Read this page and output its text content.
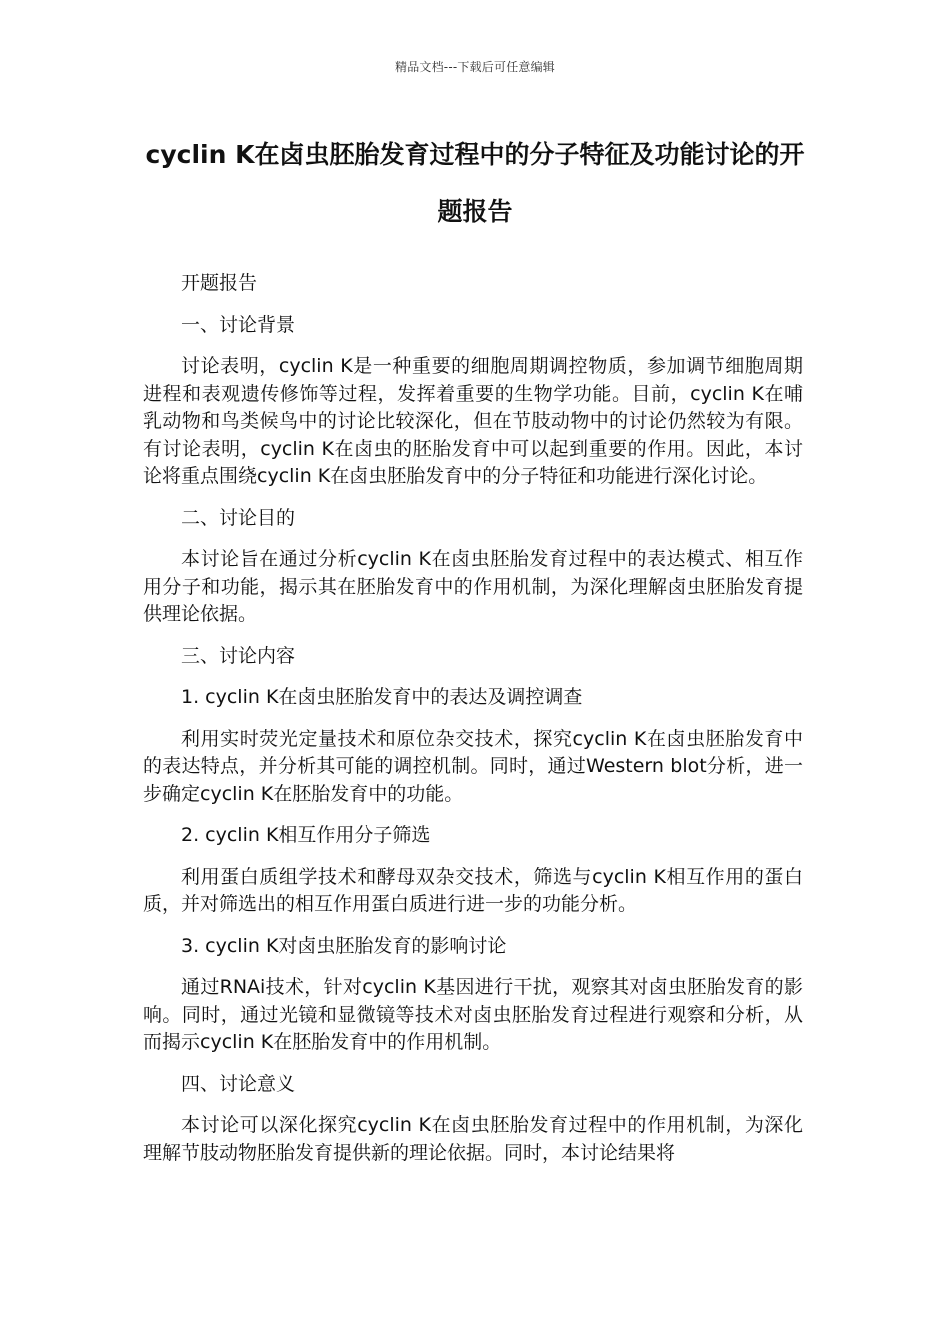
精品文档---下载后可任意编辑
cyclin K在卤虫胚胎发育过程中的分子特征及功能讨论的开题报告

开题报告

一、讨论背景

讨论表明，cyclin K是一种重要的细胞周期调控物质，参加调节细胞周期进程和表观遗传修饰等过程，发挥着重要的生物学功能。目前，cyclin K在哺乳动物和鸟类候鸟中的讨论比较深化，但在节肢动物中的讨论仍然较为有限。有讨论表明，cyclin K在卤虫的胚胎发育中可以起到重要的作用。因此，本讨论将重点围绕cyclin K在卤虫胚胎发育中的分子特征和功能进行深化讨论。

二、讨论目的

本讨论旨在通过分析cyclin K在卤虫胚胎发育过程中的表达模式、相互作用分子和功能，揭示其在胚胎发育中的作用机制，为深化理解卤虫胚胎发育提供理论依据。

三、讨论内容

1. cyclin K在卤虫胚胎发育中的表达及调控调查

利用实时荧光定量技术和原位杂交技术，探究cyclin K在卤虫胚胎发育中的表达特点，并分析其可能的调控机制。同时，通过Western blot分析，进一步确定cyclin K在胚胎发育中的功能。

2. cyclin K相互作用分子筛选

利用蛋白质组学技术和酵母双杂交技术，筛选与cyclin K相互作用的蛋白质，并对筛选出的相互作用蛋白质进行进一步的功能分析。

3. cyclin K对卤虫胚胎发育的影响讨论

通过RNAi技术，针对cyclin K基因进行干扰，观察其对卤虫胚胎发育的影响。同时，通过光镜和显微镜等技术对卤虫胚胎发育过程进行观察和分析，从而揭示cyclin K在胚胎发育中的作用机制。

四、讨论意义

本讨论可以深化探究cyclin K在卤虫胚胎发育过程中的作用机制，为深化理解节肢动物胚胎发育提供新的理论依据。同时，本讨论结果将
